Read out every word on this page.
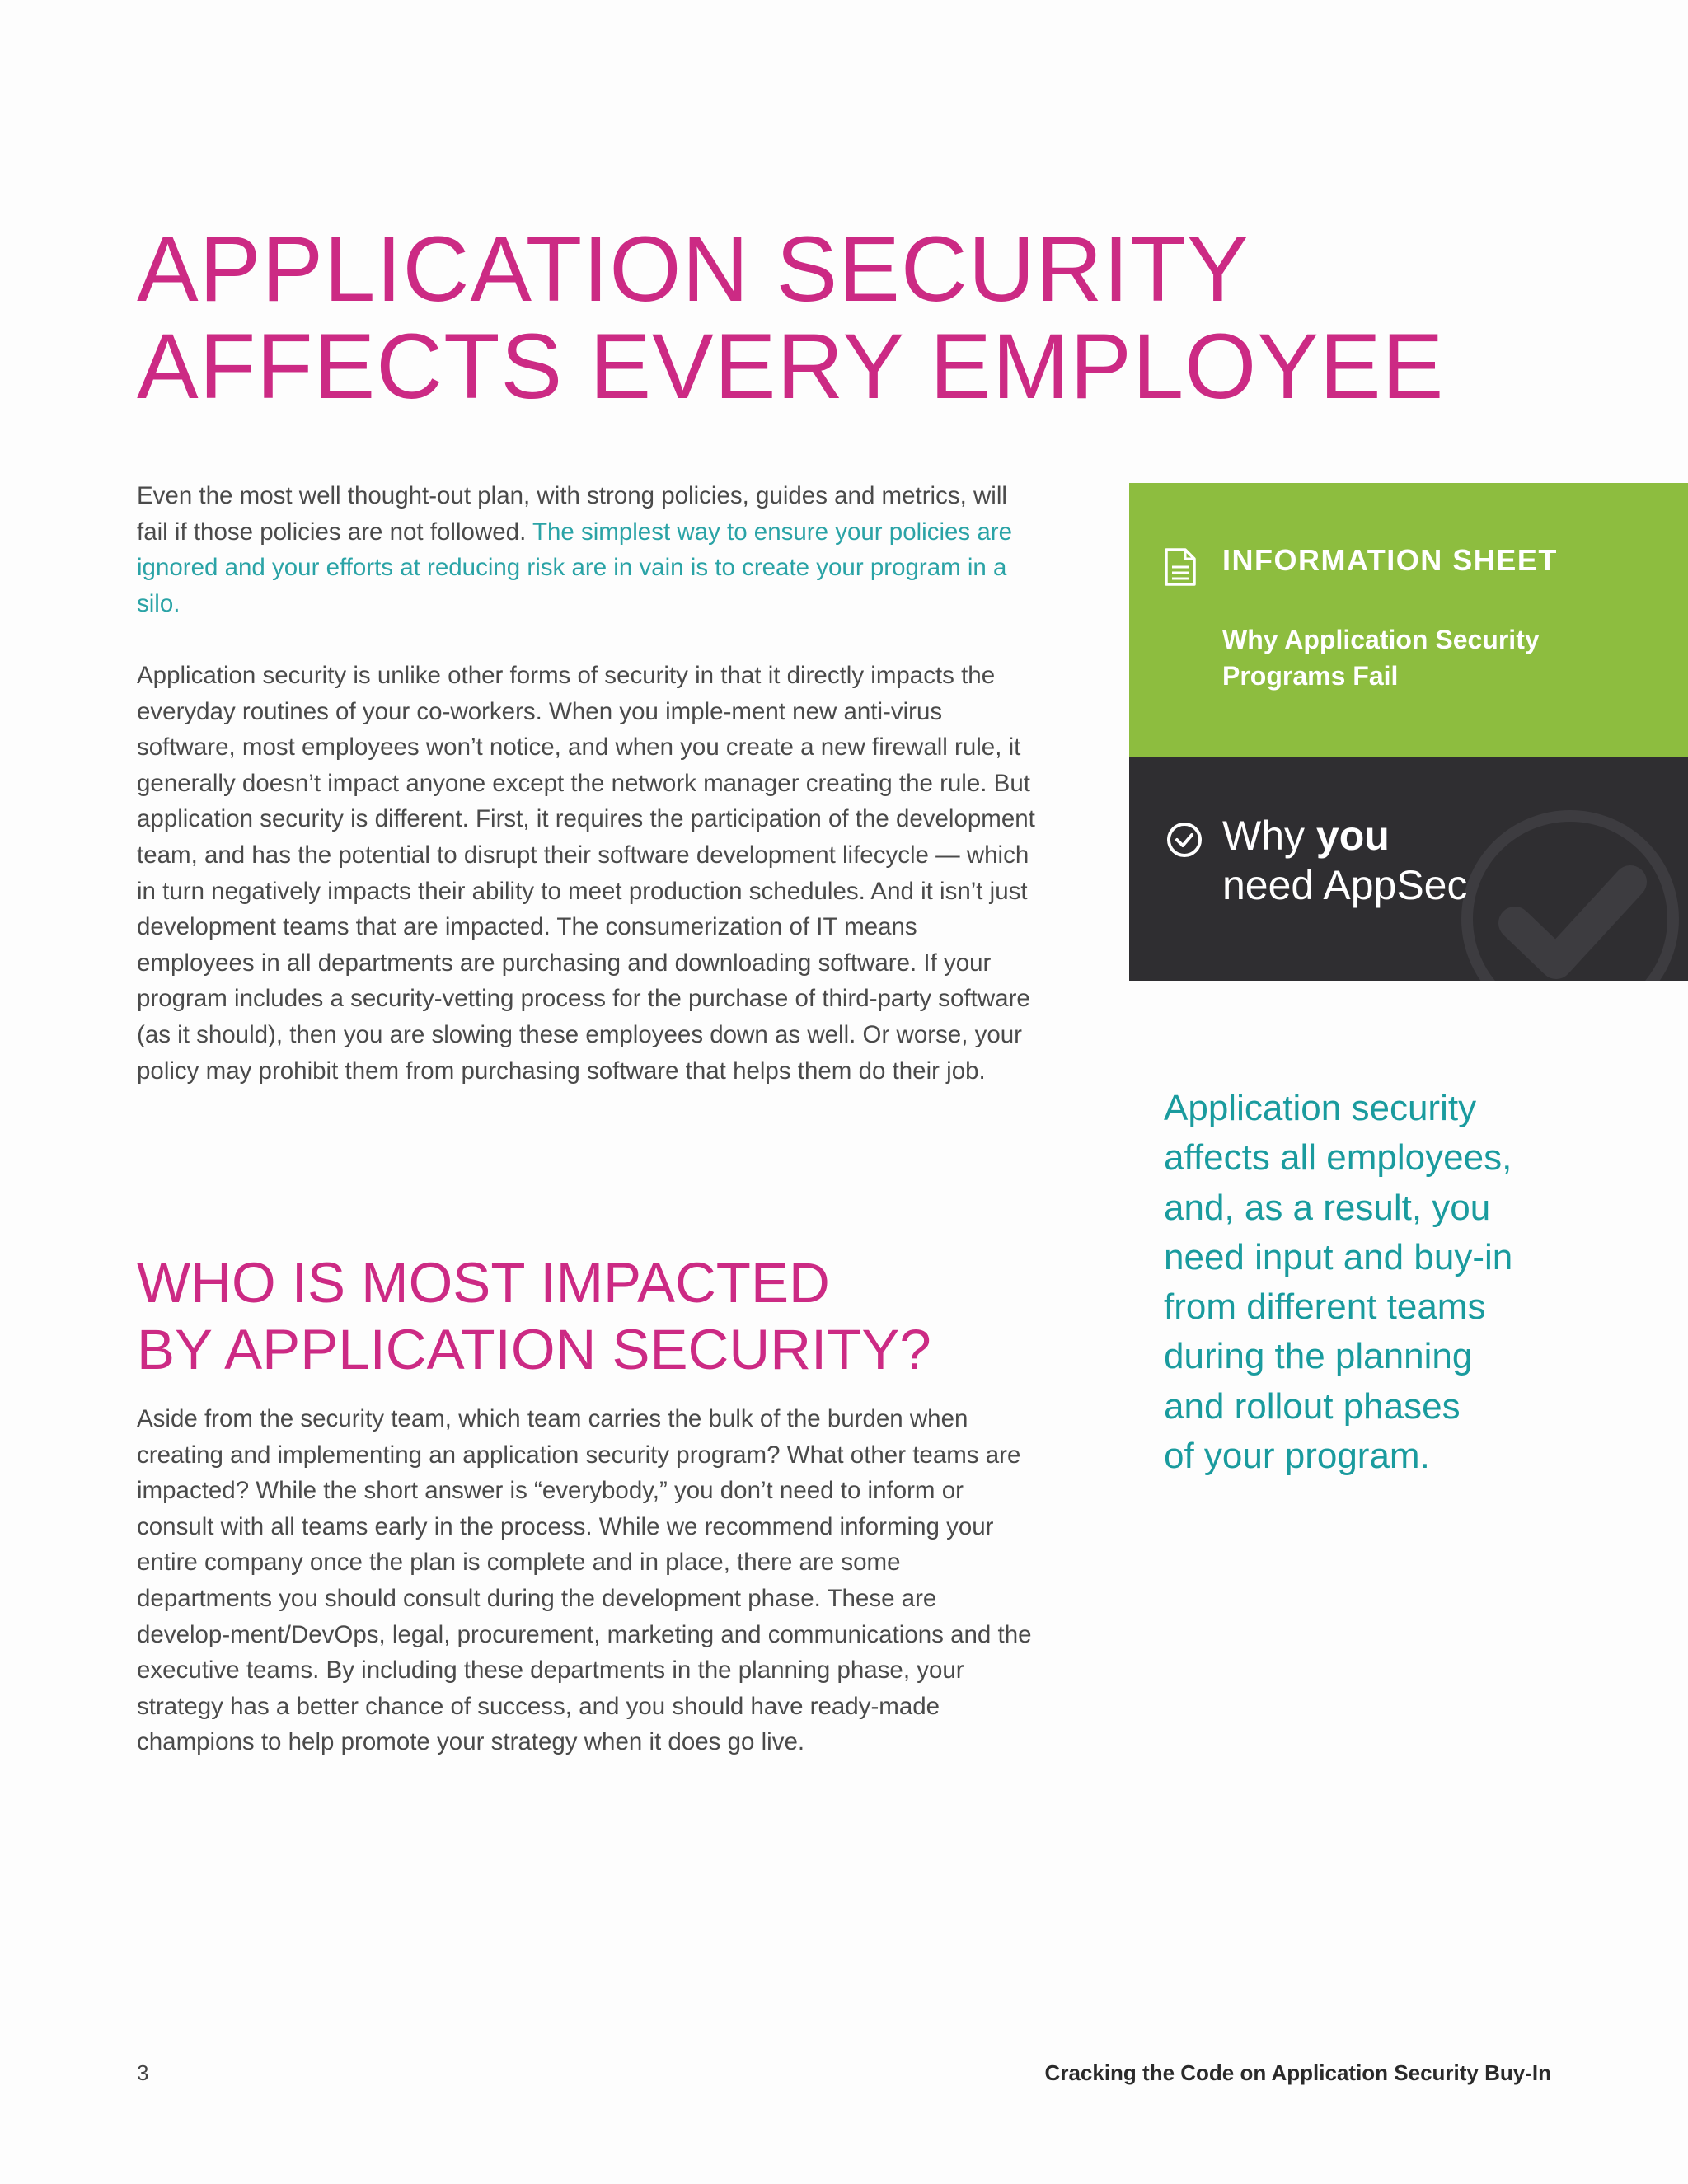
APPLICATION SECURITY
AFFECTS EVERY EMPLOYEE

Even the most well thought-out plan, with strong policies, guides and metrics, will fail if those policies are not followed. The simplest way to ensure your policies are ignored and your efforts at reducing risk are in vain is to create your program in a silo.

Application security is unlike other forms of security in that it directly impacts the everyday routines of your co-workers. When you imple-ment new anti-virus software, most employees won’t notice, and when you create a new firewall rule, it generally doesn’t impact anyone except the network manager creating the rule. But application security is different. First, it requires the participation of the development team, and has the potential to disrupt their software development lifecycle — which in turn negatively impacts their ability to meet production schedules. And it isn’t just development teams that are impacted. The consumerization of IT means employees in all departments are purchasing and downloading software. If your program includes a security-vetting process for the purchase of third-party software (as it should), then you are slowing these employees down as well. Or worse, your policy may prohibit them from purchasing software that helps them do their job.

WHO IS MOST IMPACTED
BY APPLICATION SECURITY?

Aside from the security team, which team carries the bulk of the burden when creating and implementing an application security program? What other teams are impacted? While the short answer is “everybody,” you don’t need to inform or consult with all teams early in the process. While we recommend informing your entire company once the plan is complete and in place, there are some departments you should consult during the development phase. These are develop-ment/DevOps, legal, procurement, marketing and communications and the executive teams. By including these departments in the planning phase, your strategy has a better chance of success, and you should have ready-made champions to help promote your strategy when it does go live.

INFORMATION SHEET

Why Application Security Programs Fail

Why you
need AppSec

Application security
affects all employees,
and, as a result, you
need input and buy-in
from different teams
during the planning
and rollout phases
of your program.

3	Cracking the Code on Application Security Buy-In
